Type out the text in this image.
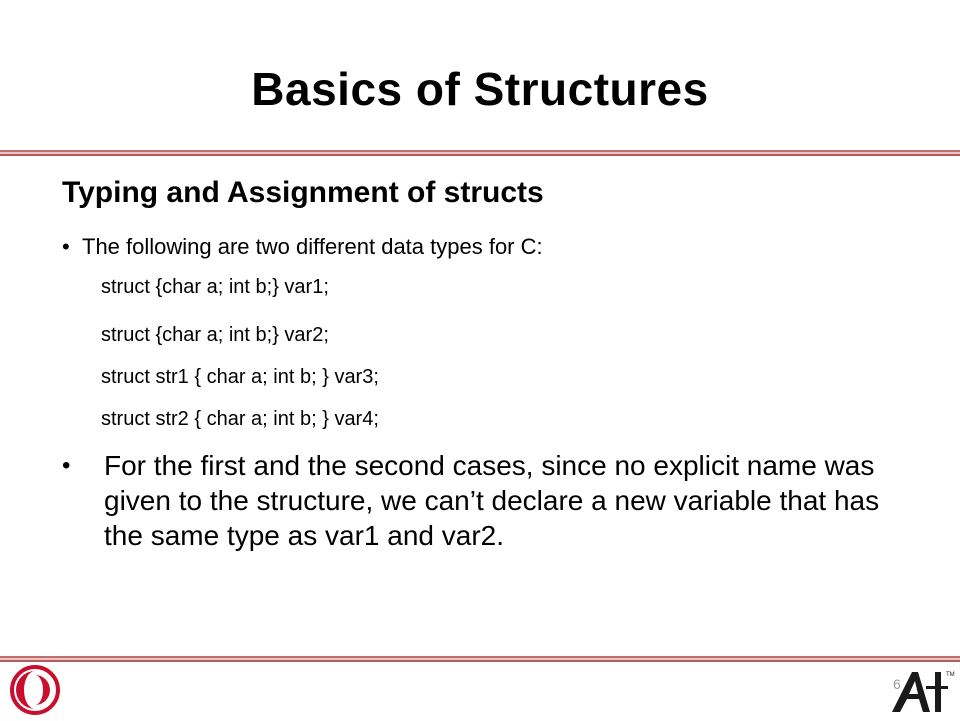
Basics of Structures
Typing and Assignment of structs
• The following are two different data types for C:
struct {char a; int b;} var1;
struct {char a; int b;} var2;
struct str1 { char a; int b; } var3;
struct str2 { char a; int b; } var4;
•	For the first and the second cases, since no explicit name was given to the structure, we can’t declare a new variable that has the same type as var1 and var2.
TM
6
